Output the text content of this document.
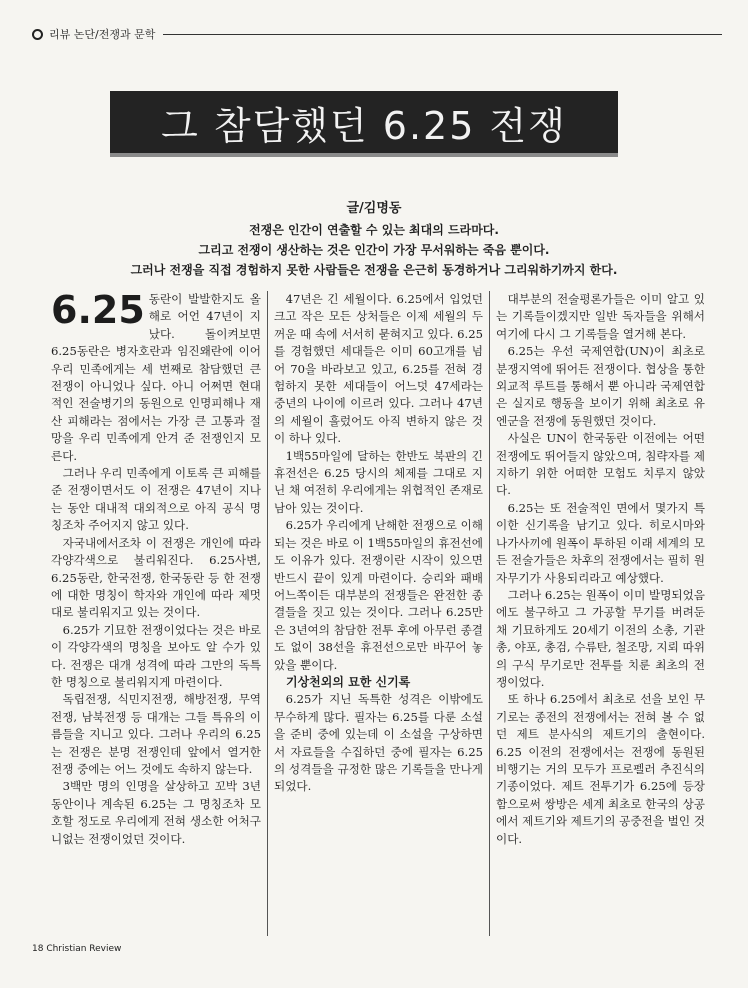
리뷰 논단/전쟁과 문학
그 참담했던 6.25 전쟁
글/김명동
전쟁은 인간이 연출할 수 있는 최대의 드라마다.
그리고 전쟁이 생산하는 것은 인간이 가장 무서워하는 죽음 뿐이다.
그러나 전쟁을 직접 경험하지 못한 사람들은 전쟁을 은근히 동경하거나 그리워하기까지 한다.

6.25 동란이 발발한지도 올해로 어언 47년이 지났다. 돌이켜보면 6.25동란은 병자호란과 임진왜란에 이어 우리 민족에게는 세 번째로 참담했던 큰 전쟁이 아니었나 싶다. 아니 어쩌면 현대적인 전술병기의 동원으로 인명피해나 재산 피해라는 점에서는 가장 큰 고통과 절망을 우리 민족에게 안겨 준 전쟁인지 모른다.

그러나 우리 민족에게 이토록 큰 피해를 준 전쟁이면서도 이 전쟁은 47년이 지나는 동안 대내적 대외적으로 아직 공식 명칭조차 주어지지 않고 있다.

자국내에서조차 이 전쟁은 개인에 따라 각양각색으로 불리워진다. 6.25사변, 6.25동란, 한국전쟁, 한국동란 등 한 전쟁에 대한 명칭이 학자와 개인에 따라 제멋대로 불리워지고 있는 것이다.

6.25가 기묘한 전쟁이었다는 것은 바로 이 각양각색의 명칭을 보아도 알 수가 있다. 전쟁은 대개 성격에 따라 그만의 독특한 명칭으로 불리워지게 마련이다.

독립전쟁, 식민지전쟁, 해방전쟁, 무역전쟁, 남북전쟁 등 대개는 그들 특유의 이름들을 지니고 있다. 그러나 우리의 6.25는 전쟁은 분명 전쟁인데 앞에서 열거한 전쟁 중에는 어느 것에도 속하지 않는다.

3백만 명의 인명을 살상하고 꼬박 3년 동안이나 계속된 6.25는 그 명칭조차 모호할 정도로 우리에게 전혀 생소한 어처구니없는 전쟁이었던 것이다.

47년은 긴 세월이다. 6.25에서 입었던 크고 작은 모든 상처들은 이제 세월의 두꺼운 때 속에 서서히 묻혀지고 있다. 6.25를 경험했던 세대들은 이미 60고개를 넘어 70을 바라보고 있고, 6.25를 전혀 경험하지 못한 세대들이 어느덧 47세라는 중년의 나이에 이르러 있다. 그러나 47년의 세월이 흘렀어도 아직 변하지 않은 것이 하나 있다.

1백55마일에 달하는 한반도 북판의 긴 휴전선은 6.25 당시의 체제를 그대로 지닌 채 여전히 우리에게는 위협적인 존재로 남아 있는 것이다.

6.25가 우리에게 난해한 전쟁으로 이해되는 것은 바로 이 1백55마일의 휴전선에도 이유가 있다. 전쟁이란 시작이 있으면 반드시 끝이 있게 마련이다. 승리와 패배 어느쪽이든 대부분의 전쟁들은 완전한 종결들을 짓고 있는 것이다. 그러나 6.25만은 3년여의 참담한 전투 후에 아무런 종결도 없이 38선을 휴전선으로만 바꾸어 놓았을 뿐이다.

기상천외의 묘한 신기록

6.25가 지닌 독특한 성격은 이밖에도 무수하게 많다. 필자는 6.25를 다룬 소설을 준비 중에 있는데 이 소설을 구상하면서 자료들을 수집하던 중에 필자는 6.25의 성격들을 규정한 많은 기록들을 만나게 되었다.

대부분의 전술평론가들은 이미 알고 있는 기록들이겠지만 일반 독자들을 위해서 여기에 다시 그 기록들을 열거해 본다.

6.25는 우선 국제연합(UN)이 최초로 분쟁지역에 뛰어든 전쟁이다. 협상을 통한 외교적 루트를 통해서 뿐 아니라 국제연합은 실지로 행동을 보이기 위해 최초로 유엔군을 전쟁에 동원했던 것이다.

사실은 UN이 한국동란 이전에는 어떤 전쟁에도 뛰어들지 않았으며, 침략자를 제지하기 위한 어떠한 모험도 치루지 않았다.

6.25는 또 전술적인 면에서 몇가지 특이한 신기록을 남기고 있다. 히로시마와 나가사끼에 원폭이 투하된 이래 세계의 모든 전술가들은 차후의 전쟁에서는 필히 원자무기가 사용되리라고 예상했다.

그러나 6.25는 원폭이 이미 발명되었음에도 불구하고 그 가공할 무기를 버려둔 채 기묘하게도 20세기 이전의 소총, 기관총, 야포, 총검, 수류탄, 철조망, 지뢰 따위의 구식 무기로만 전투를 치룬 최초의 전쟁이었다.

또 하나 6.25에서 최초로 선을 보인 무기로는 종전의 전쟁에서는 전혀 볼 수 없던 제트 분사식의 제트기의 출현이다. 6.25 이전의 전쟁에서는 전쟁에 동원된 비행기는 거의 모두가 프로펠러 추진식의 기종이었다. 제트 전투기가 6.25에 등장함으로써 쌍방은 세계 최초로 한국의 상공에서 제트기와 제트기의 공중전을 벌인 것이다.

18 Christian Review
